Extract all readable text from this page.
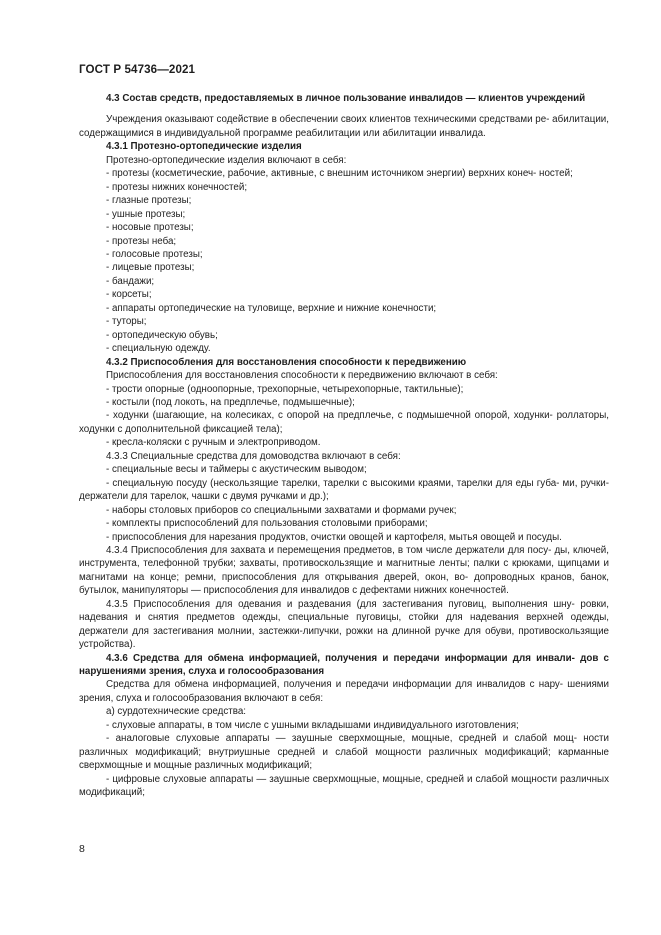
ГОСТ Р 54736—2021

4.3 Состав средств, предоставляемых в личное пользование инвалидов — клиентов учреждений

Учреждения оказывают содействие в обеспечении своих клиентов техническими средствами ре- абилитации, содержащимися в индивидуальной программе реабилитации или абилитации инвалида.

4.3.1 Протезно-ортопедические изделия

Протезно-ортопедические изделия включают в себя:

- протезы (косметические, рабочие, активные, с внешним источником энергии) верхних конеч- ностей;

- протезы нижних конечностей;

- глазные протезы;

- ушные протезы;

- носовые протезы;

- протезы неба;

- голосовые протезы;

- лицевые протезы;

- бандажи;

- корсеты;

- аппараты ортопедические на туловище, верхние и нижние конечности;

- туторы;

- ортопедическую обувь;

- специальную одежду.

4.3.2 Приспособления для восстановления способности к передвижению

Приспособления для восстановления способности к передвижению включают в себя:

- трости опорные (одноопорные, трехопорные, четырехопорные, тактильные);

- костыли (под локоть, на предплечье, подмышечные);

- ходунки (шагающие, на колесиках, с опорой на предплечье, с подмышечной опорой, ходунки- роллаторы, ходунки с дополнительной фиксацией тела);

- кресла-коляски с ручным и электроприводом.

4.3.3 Специальные средства для домоводства включают в себя:

- специальные весы и таймеры с акустическим выводом;

- специальную посуду (нескользящие тарелки, тарелки с высокими краями, тарелки для еды губа- ми, ручки-держатели для тарелок, чашки с двумя ручками и др.);

- наборы столовых приборов со специальными захватами и формами ручек;

- комплекты приспособлений для пользования столовыми приборами;

- приспособления для нарезания продуктов, очистки овощей и картофеля, мытья овощей и посуды.

4.3.4 Приспособления для захвата и перемещения предметов, в том числе держатели для посу- ды, ключей, инструмента, телефонной трубки; захваты, противоскользящие и магнитные ленты; палки с крюками, щипцами и магнитами на конце; ремни, приспособления для открывания дверей, окон, во- допроводных кранов, банок, бутылок, манипуляторы — приспособления для инвалидов с дефектами нижних конечностей.

4.3.5 Приспособления для одевания и раздевания (для застегивания пуговиц, выполнения шну- ровки, надевания и снятия предметов одежды, специальные пуговицы, стойки для надевания верхней одежды, держатели для застегивания молнии, застежки-липучки, рожки на длинной ручке для обуви, противоскользящие устройства).

4.3.6 Средства для обмена информацией, получения и передачи информации для инвали- дов с нарушениями зрения, слуха и голосообразования

Средства для обмена информацией, получения и передачи информации для инвалидов с нару- шениями зрения, слуха и голосообразования включают в себя:

а) сурдотехнические средства:

- слуховые аппараты, в том числе с ушными вкладышами индивидуального изготовления;

- аналоговые слуховые аппараты — заушные сверхмощные, мощные, средней и слабой мощ- ности различных модификаций; внутриушные средней и слабой мощности различных модификаций; карманные сверхмощные и мощные различных модификаций;

- цифровые слуховые аппараты — заушные сверхмощные, мощные, средней и слабой мощности различных модификаций;

8
